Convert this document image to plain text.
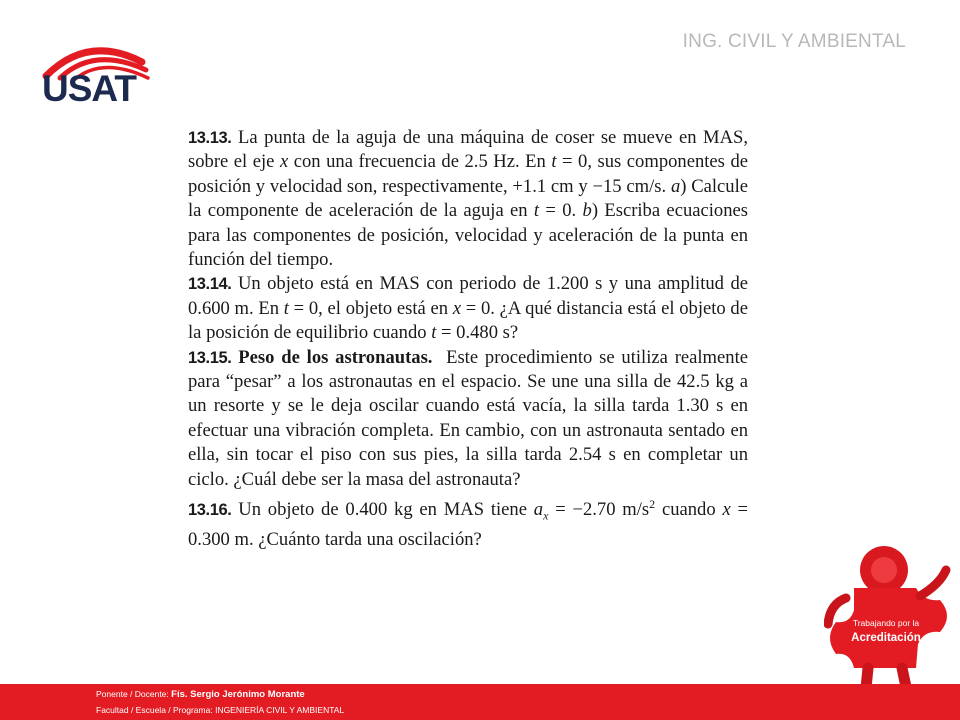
USAT
ING. CIVIL Y AMBIENTAL
13.13. La punta de la aguja de una máquina de coser se mueve en MAS, sobre el eje x con una frecuencia de 2.5 Hz. En t = 0, sus componentes de posición y velocidad son, respectivamente, +1.1 cm y −15 cm/s. a) Calcule la componente de aceleración de la aguja en t = 0. b) Escriba ecuaciones para las componentes de posición, velocidad y aceleración de la punta en función del tiempo.
13.14. Un objeto está en MAS con periodo de 1.200 s y una amplitud de 0.600 m. En t = 0, el objeto está en x = 0. ¿A qué distancia está el objeto de la posición de equilibrio cuando t = 0.480 s?
13.15. Peso de los astronautas.  Este procedimiento se utiliza realmente para “pesar” a los astronautas en el espacio. Se une una silla de 42.5 kg a un resorte y se le deja oscilar cuando está vacía, la silla tarda 1.30 s en efectuar una vibración completa. En cambio, con un astronauta sentado en ella, sin tocar el piso con sus pies, la silla tarda 2.54 s en completar un ciclo. ¿Cuál debe ser la masa del astronauta?
13.16. Un objeto de 0.400 kg en MAS tiene $a_x = -2.70$ $m/s^2$ cuando x = 0.300 m. ¿Cuánto tarda una oscilación?
Trabajando por la
Acreditación
Ponente / Docente: Fís. Sergio Jerónimo Morante
Facultad / Escuela / Programa: INGENIERÍA CIVIL Y AMBIENTAL
